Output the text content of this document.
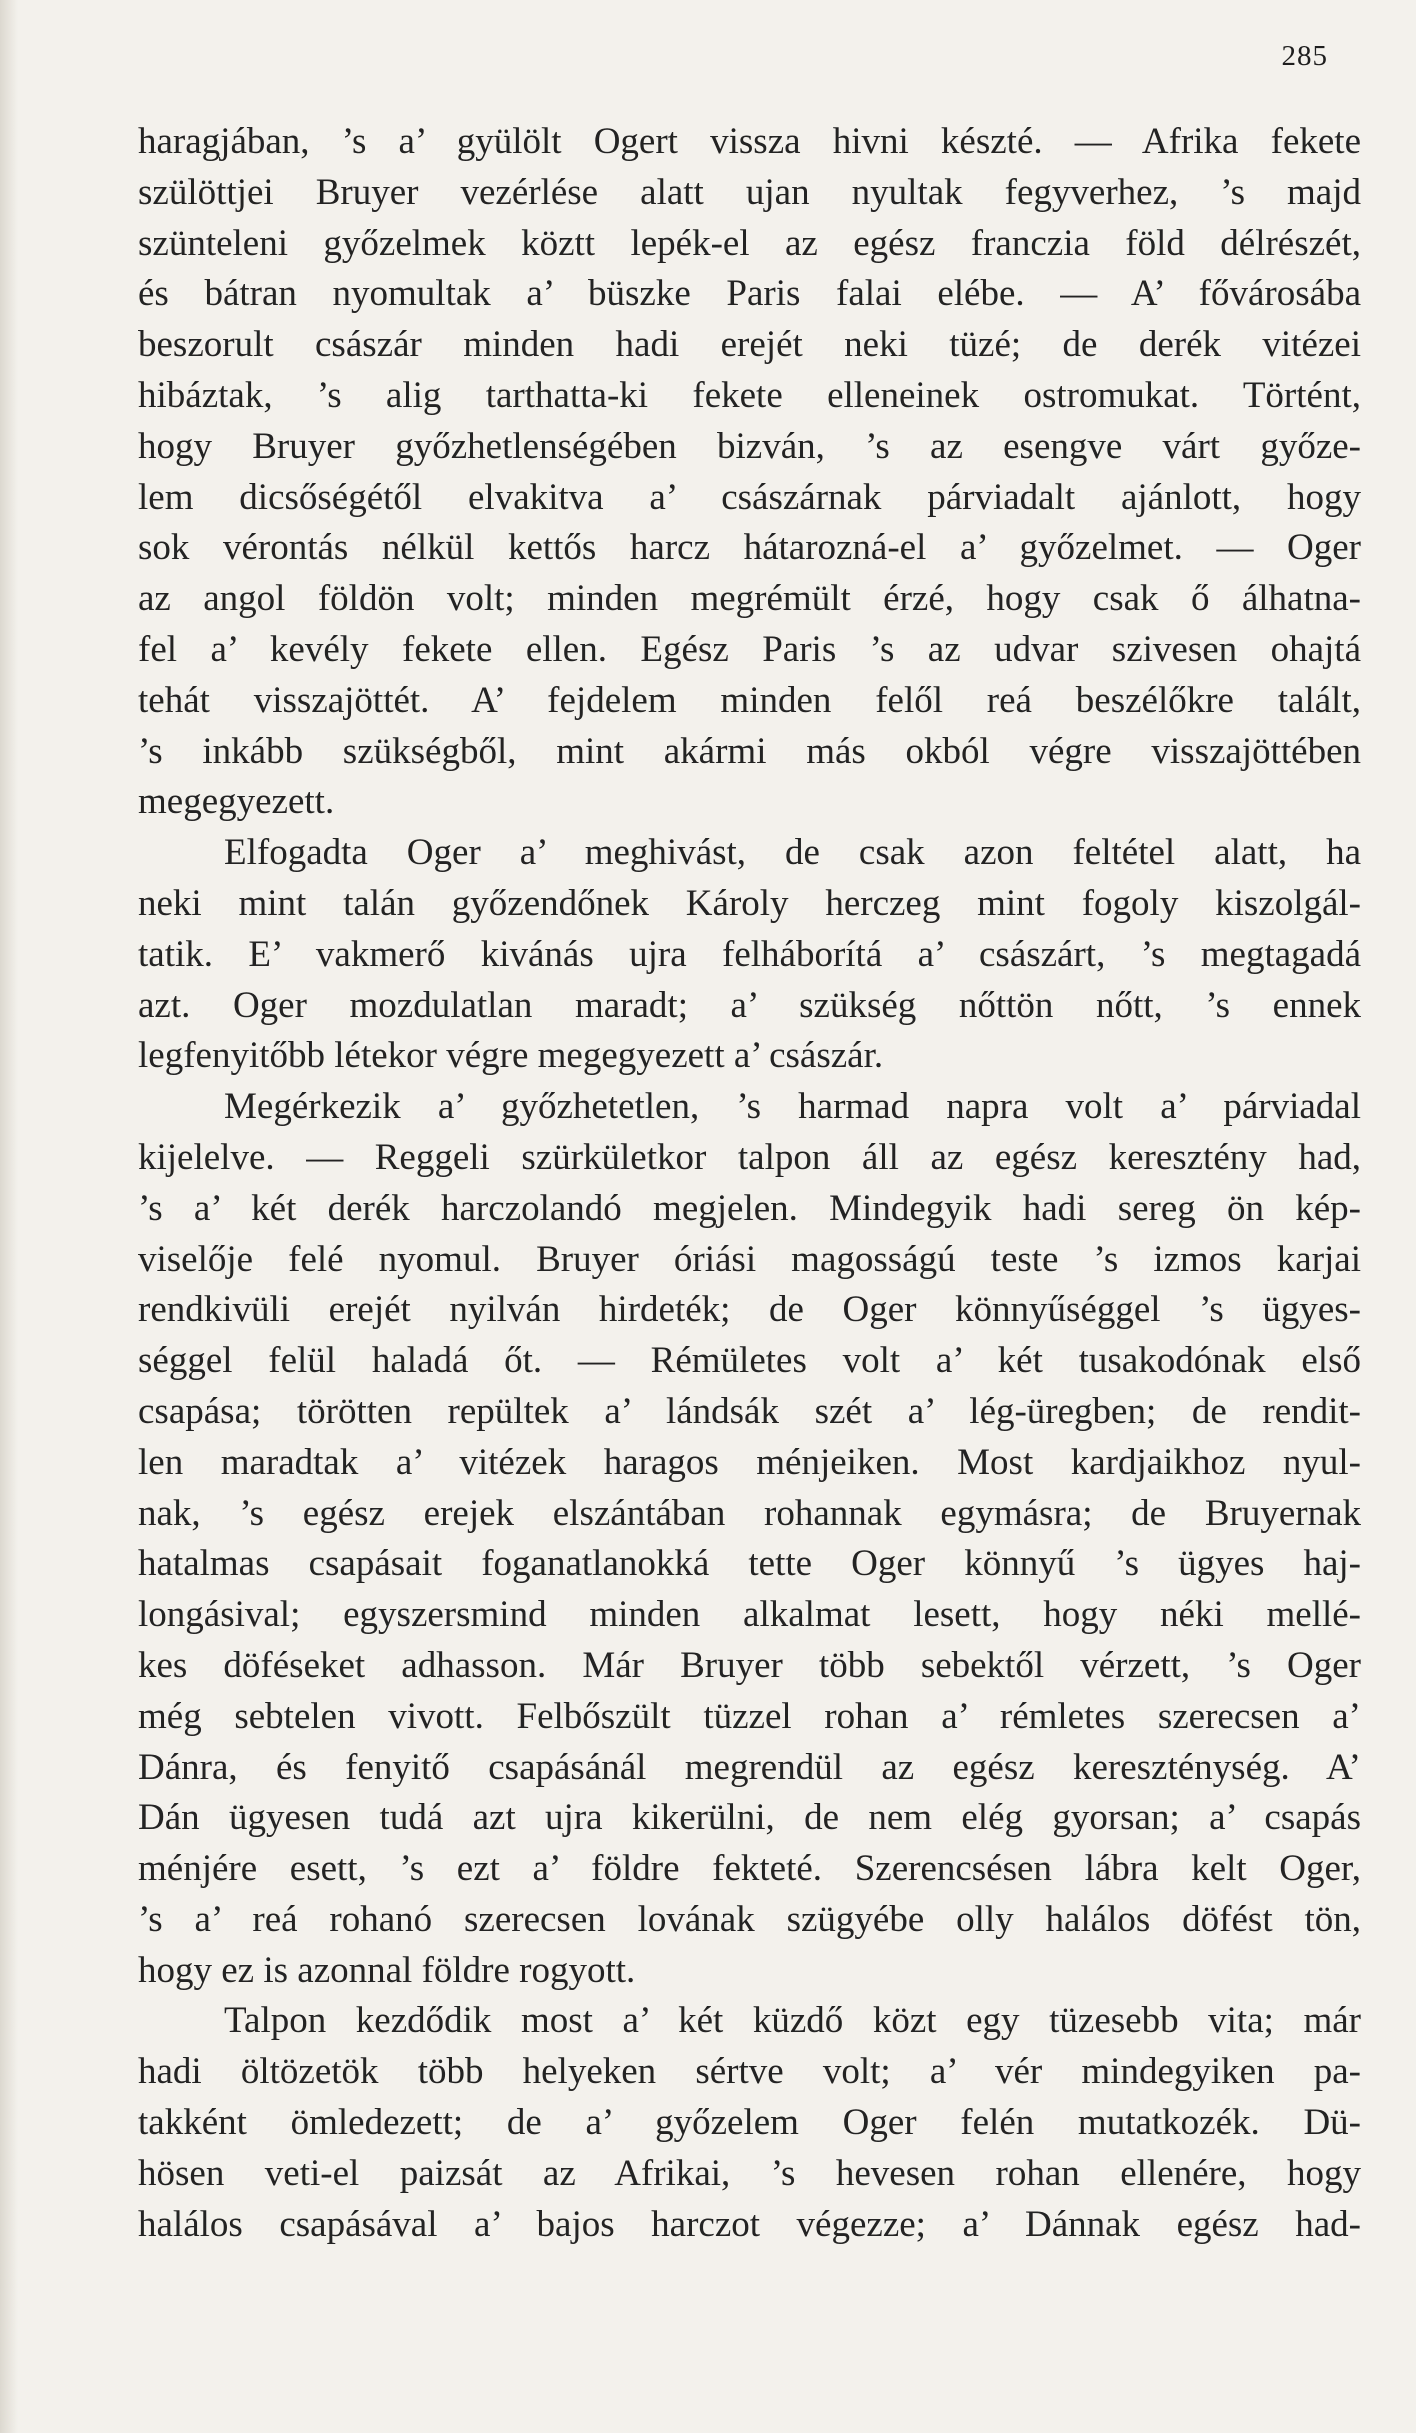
285
haragjában, ’s a’ gyülölt Ogert vissza hivni készté. — Afrika fekete
szülöttjei Bruyer vezérlése alatt ujan nyultak fegyverhez, ’s majd
szünteleni győzelmek köztt lepék-el az egész franczia föld délrészét,
és bátran nyomultak a’ büszke Paris falai elébe. — A’ fővárosába
beszorult császár minden hadi erejét neki tüzé; de derék vitézei
hibáztak, ’s alig tarthatta-ki fekete elleneinek ostromukat. Történt,
hogy Bruyer győzhetlenségében bizván, ’s az esengve várt győze-
lem dicsőségétől elvakitva a’ császárnak párviadalt ajánlott, hogy
sok vérontás nélkül kettős harcz hátarozná-el a’ győzelmet. — Oger
az angol földön volt; minden megrémült érzé, hogy csak ő álhatna-
fel a’ kevély fekete ellen. Egész Paris ’s az udvar szivesen ohajtá
tehát visszajöttét. A’ fejdelem minden felől reá beszélőkre talált,
’s inkább szükségből, mint akármi más okból végre visszajöttében
megegyezett.
Elfogadta Oger a’ meghivást, de csak azon feltétel alatt, ha
neki mint talán győzendőnek Károly herczeg mint fogoly kiszolgál-
tatik. E’ vakmerő kivánás ujra felháborítá a’ császárt, ’s megtagadá
azt. Oger mozdulatlan maradt; a’ szükség nőttön nőtt, ’s ennek
legfenyitőbb létekor végre megegyezett a’ császár.
Megérkezik a’ győzhetetlen, ’s harmad napra volt a’ párviadal
kijelelve. — Reggeli szürkületkor talpon áll az egész keresztény had,
’s a’ két derék harczolandó megjelen. Mindegyik hadi sereg ön kép-
viselője felé nyomul. Bruyer óriási magosságú teste ’s izmos karjai
rendkivüli erejét nyilván hirdeték; de Oger könnyűséggel ’s ügyes-
séggel felül haladá őt. — Rémületes volt a’ két tusakodónak első
csapása; törötten repültek a’ lándsák szét a’ lég-üregben; de rendit-
len maradtak a’ vitézek haragos ménjeiken. Most kardjaikhoz nyul-
nak, ’s egész erejek elszántában rohannak egymásra; de Bruyernak
hatalmas csapásait foganatlanokká tette Oger könnyű ’s ügyes haj-
longásival; egyszersmind minden alkalmat lesett, hogy néki mellé-
kes döféseket adhasson. Már Bruyer több sebektől vérzett, ’s Oger
még sebtelen vivott. Felbőszült tüzzel rohan a’ rémletes szerecsen a’
Dánra, és fenyitő csapásánál megrendül az egész kereszténység. A’
Dán ügyesen tudá azt ujra kikerülni, de nem elég gyorsan; a’ csapás
ménjére esett, ’s ezt a’ földre fekteté. Szerencsésen lábra kelt Oger,
’s a’ reá rohanó szerecsen lovának szügyébe olly halálos döfést tön,
hogy ez is azonnal földre rogyott.
Talpon kezdődik most a’ két küzdő közt egy tüzesebb vita; már
hadi öltözetök több helyeken sértve volt; a’ vér mindegyiken pa-
takként ömledezett; de a’ győzelem Oger felén mutatkozék. Dü-
hösen veti-el paizsát az Afrikai, ’s hevesen rohan ellenére, hogy
halálos csapásával a’ bajos harczot végezze; a’ Dánnak egész had-
